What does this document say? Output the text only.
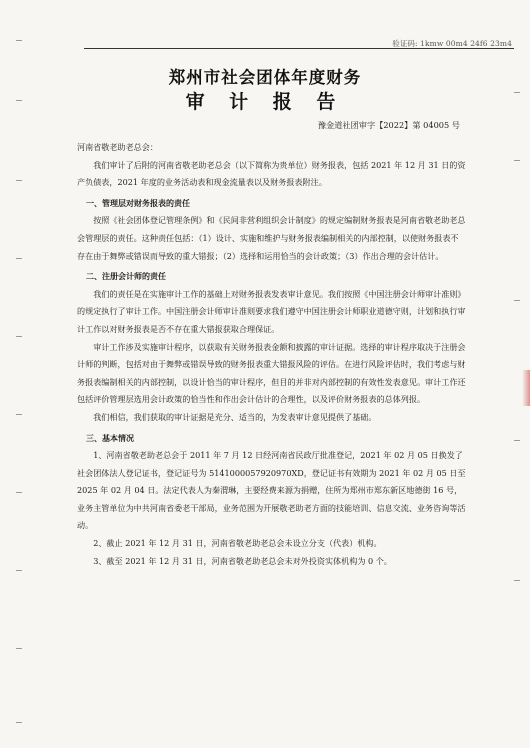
验证码: 1kmw 00m4 24f6 23m4
郑州市社会团体年度财务
审 计 报 告
豫金道社团审字【2022】第 04005 号

河南省敬老助老总会：

我们审计了后附的河南省敬老助老总会（以下简称为贵单位）财务报表，包括 2021 年 12 月 31 日的资产负债表，2021 年度的业务活动表和现金流量表以及财务报表附注。

一、管理层对财务报表的责任

按照《社会团体登记管理条例》和《民间非营利组织会计制度》的规定编制财务报表是河南省敬老助老总会管理层的责任。这种责任包括：（1）设计、实施和维护与财务报表编制相关的内部控制，以使财务报表不存在由于舞弊或错误而导致的重大错报；（2）选择和运用恰当的会计政策；（3）作出合理的会计估计。

二、注册会计师的责任

我们的责任是在实施审计工作的基础上对财务报表发表审计意见。我们按照《中国注册会计师审计准则》的规定执行了审计工作。中国注册会计师审计准则要求我们遵守中国注册会计师职业道德守则，计划和执行审计工作以对财务报表是否不存在重大错报获取合理保证。

审计工作涉及实施审计程序，以获取有关财务报表金额和披露的审计证据。选择的审计程序取决于注册会计师的判断，包括对由于舞弊或错误导致的财务报表重大错报风险的评估。在进行风险评估时，我们考虑与财务报表编制相关的内部控制，以设计恰当的审计程序，但目的并非对内部控制的有效性发表意见。审计工作还包括评价管理层选用会计政策的恰当性和作出会计估计的合理性，以及评价财务报表的总体列报。

我们相信，我们获取的审计证据是充分、适当的，为发表审计意见提供了基础。

三、基本情况

1、河南省敬老助老总会于 2011 年 7 月 12 日经河南省民政厅批准登记，2021 年 02 月 05 日换发了社会团体法人登记证书，登记证号为 5141000057920970XD，登记证书有效期为 2021 年 02 月 05 日至 2025 年 02 月 04 日。法定代表人为秦渭琳，主要经费来源为捐赠，住所为郑州市郑东新区地德街 16 号，业务主管单位为中共河南省委老干部局，业务范围为开展敬老助老方面的技能培训、信息交流、业务咨询等活动。

2、截止 2021 年 12 月 31 日，河南省敬老助老总会未设立分支（代表）机构。

3、截至 2021 年 12 月 31 日，河南省敬老助老总会未对外投资实体机构为 0 个。
